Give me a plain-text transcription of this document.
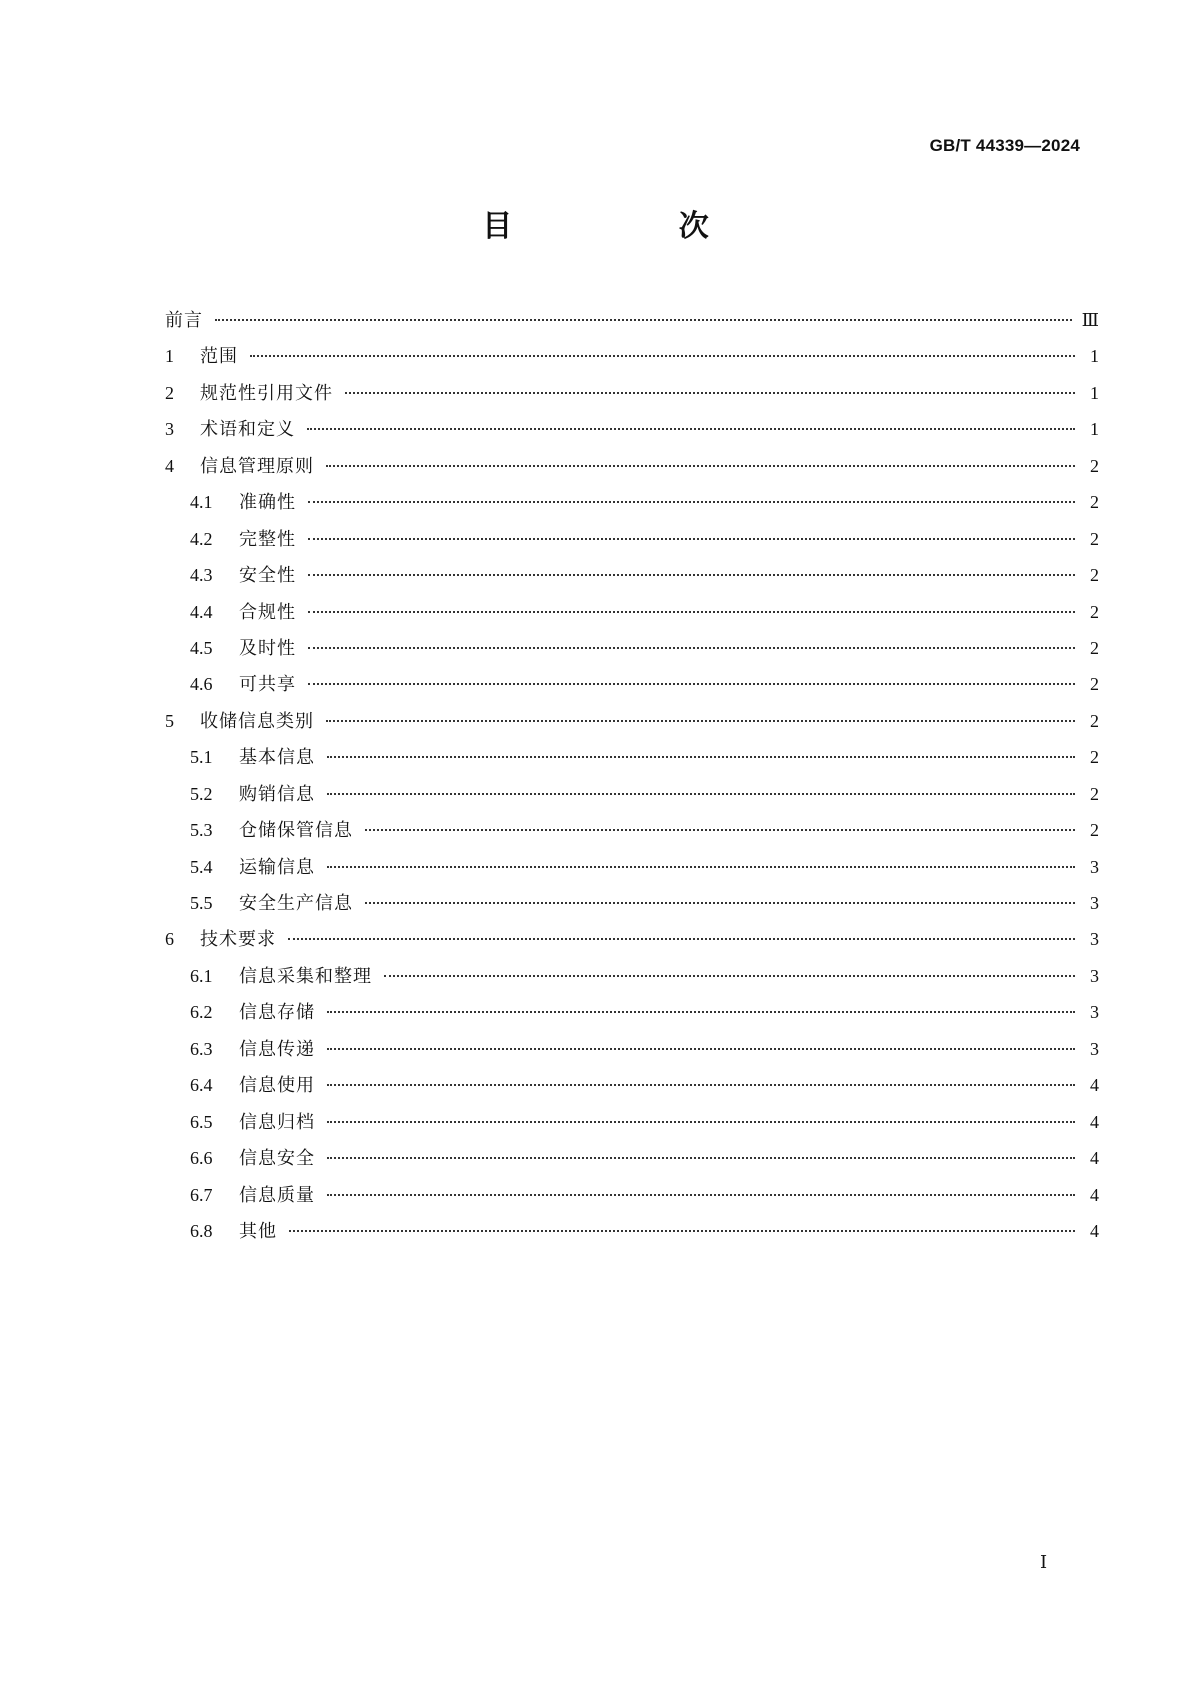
GB/T 44339—2024
目 次
前言	Ⅲ
1	范围	1
2	规范性引用文件	1
3	术语和定义	1
4	信息管理原则	2
4.1	准确性	2
4.2	完整性	2
4.3	安全性	2
4.4	合规性	2
4.5	及时性	2
4.6	可共享	2
5	收储信息类别	2
5.1	基本信息	2
5.2	购销信息	2
5.3	仓储保管信息	2
5.4	运输信息	3
5.5	安全生产信息	3
6	技术要求	3
6.1	信息采集和整理	3
6.2	信息存储	3
6.3	信息传递	3
6.4	信息使用	4
6.5	信息归档	4
6.6	信息安全	4
6.7	信息质量	4
6.8	其他	4
Ⅰ
